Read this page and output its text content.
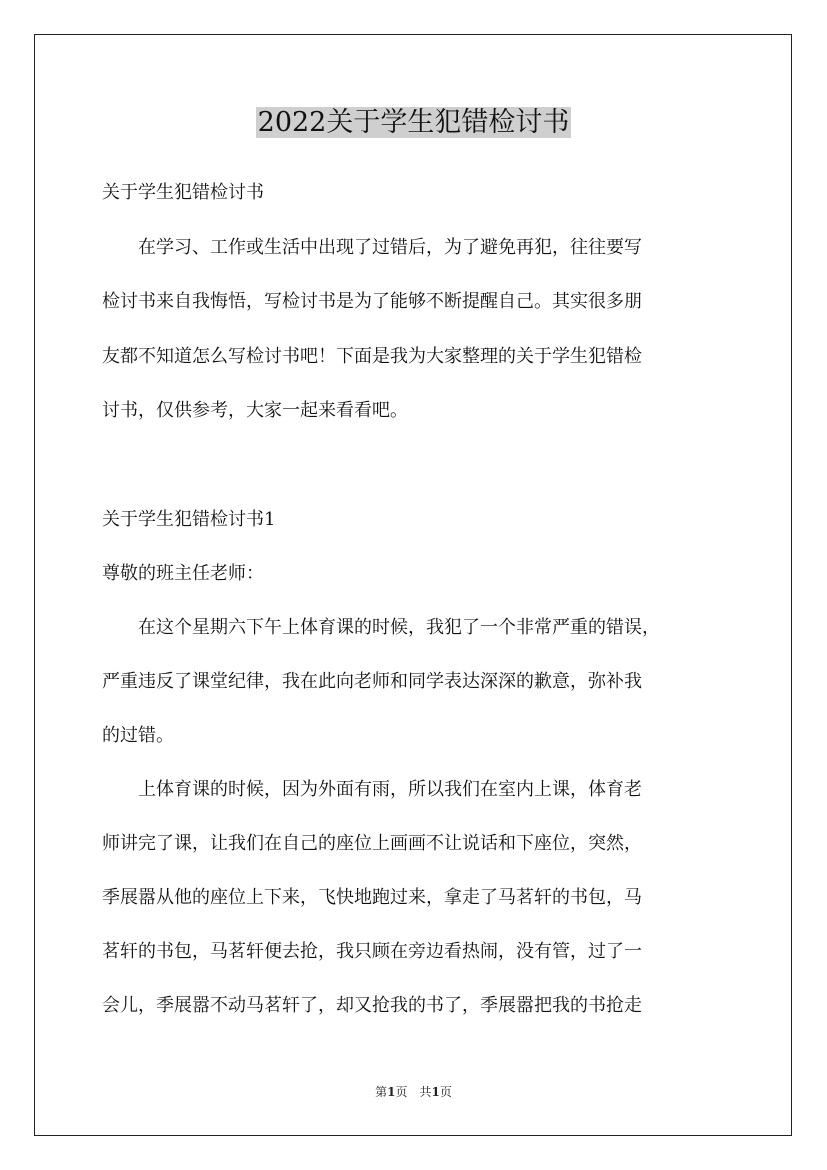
2022关于学生犯错检讨书
关于学生犯错检讨书
　　在学习、工作或生活中出现了过错后，为了避免再犯，往往要写
检讨书来自我悔悟，写检讨书是为了能够不断提醒自己。其实很多朋
友都不知道怎么写检讨书吧！下面是我为大家整理的关于学生犯错检
讨书，仅供参考，大家一起来看看吧。
关于学生犯错检讨书1
尊敬的班主任老师：
　　在这个星期六下午上体育课的时候，我犯了一个非常严重的错误，
严重违反了课堂纪律，我在此向老师和同学表达深深的歉意，弥补我
的过错。
　　上体育课的时候，因为外面有雨，所以我们在室内上课，体育老
师讲完了课，让我们在自己的座位上画画不让说话和下座位，突然，
季展嚣从他的座位上下来，飞快地跑过来，拿走了马茗轩的书包，马
茗轩的书包，马茗轩便去抢，我只顾在旁边看热闹，没有管，过了一
会儿，季展嚣不动马茗轩了，却又抢我的书了，季展嚣把我的书抢走
第1页　共1页
